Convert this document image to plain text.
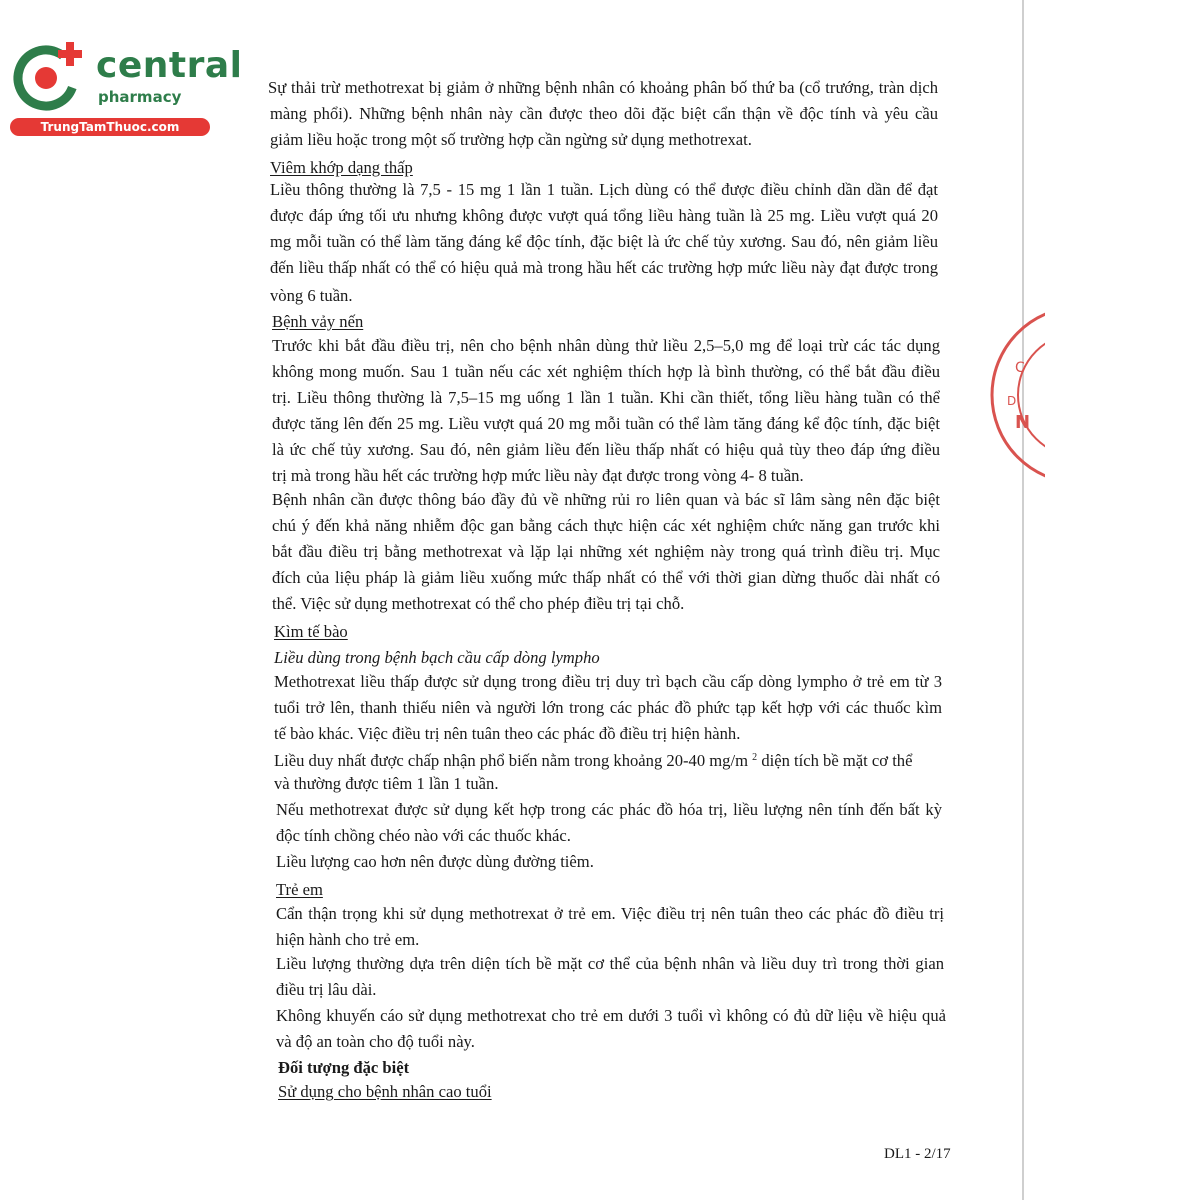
central
pharmacy
TrungTamThuoc.com
C
D
N
Sự thải trừ methotrexat bị giảm ở những bệnh nhân có khoảng phân bố thứ ba (cổ trướng, tràn dịch
màng phổi). Những bệnh nhân này cần được theo dõi đặc biệt cẩn thận về độc tính và yêu cầu
giảm liều hoặc trong một số trường hợp cần ngừng sử dụng methotrexat.
Viêm khớp dạng thấp
Liều thông thường là 7,5 - 15 mg 1 lần 1 tuần. Lịch dùng có thể được điều chỉnh dần dần để đạt
được đáp ứng tối ưu nhưng không được vượt quá tổng liều hàng tuần là 25 mg. Liều vượt quá 20
mg mỗi tuần có thể làm tăng đáng kể độc tính, đặc biệt là ức chế tủy xương. Sau đó, nên giảm liều
đến liều thấp nhất có thể có hiệu quả mà trong hầu hết các trường hợp mức liều này đạt được trong
vòng 6 tuần.
Bệnh vảy nến
Trước khi bắt đầu điều trị, nên cho bệnh nhân dùng thử liều 2,5–5,0 mg để loại trừ các tác dụng
không mong muốn. Sau 1 tuần nếu các xét nghiệm thích hợp là bình thường, có thể bắt đầu điều
trị. Liều thông thường là 7,5–15 mg uống 1 lần 1 tuần. Khi cần thiết, tổng liều hàng tuần có thể
được tăng lên đến 25 mg. Liều vượt quá 20 mg mỗi tuần có thể làm tăng đáng kể độc tính, đặc biệt
là ức chế tủy xương. Sau đó, nên giảm liều đến liều thấp nhất có hiệu quả tùy theo đáp ứng điều
trị mà trong hầu hết các trường hợp mức liều này đạt được trong vòng 4- 8 tuần.
Bệnh nhân cần được thông báo đầy đủ về những rủi ro liên quan và bác sĩ lâm sàng nên đặc biệt
chú ý đến khả năng nhiễm độc gan bằng cách thực hiện các xét nghiệm chức năng gan trước khi
bắt đầu điều trị bằng methotrexat và lặp lại những xét nghiệm này trong quá trình điều trị. Mục
đích của liệu pháp là giảm liều xuống mức thấp nhất có thể với thời gian dừng thuốc dài nhất có
thể. Việc sử dụng methotrexat có thể cho phép điều trị tại chỗ.
Kìm tế bào
Liều dùng trong bệnh bạch cầu cấp dòng lympho
Methotrexat liều thấp được sử dụng trong điều trị duy trì bạch cầu cấp dòng lympho ở trẻ em từ 3
tuổi trở lên, thanh thiếu niên và người lớn trong các phác đồ phức tạp kết hợp với các thuốc kìm
tế bào khác. Việc điều trị nên tuân theo các phác đồ điều trị hiện hành.
Liều duy nhất được chấp nhận phổ biến nằm trong khoảng 20-40 mg/m $^2$ diện tích bề mặt cơ thể
và thường được tiêm 1 lần 1 tuần.
Nếu methotrexat được sử dụng kết hợp trong các phác đồ hóa trị, liều lượng nên tính đến bất kỳ
độc tính chồng chéo nào với các thuốc khác.
Liều lượng cao hơn nên được dùng đường tiêm.
Trẻ em
Cẩn thận trọng khi sử dụng methotrexat ở trẻ em. Việc điều trị nên tuân theo các phác đồ điều trị
hiện hành cho trẻ em.
Liều lượng thường dựa trên diện tích bề mặt cơ thể của bệnh nhân và liều duy trì trong thời gian
điều trị lâu dài.
Không khuyến cáo sử dụng methotrexat cho trẻ em dưới 3 tuổi vì không có đủ dữ liệu về hiệu quả
và độ an toàn cho độ tuổi này.
Đối tượng đặc biệt
Sử dụng cho bệnh nhân cao tuổi
DL1 - 2/17
